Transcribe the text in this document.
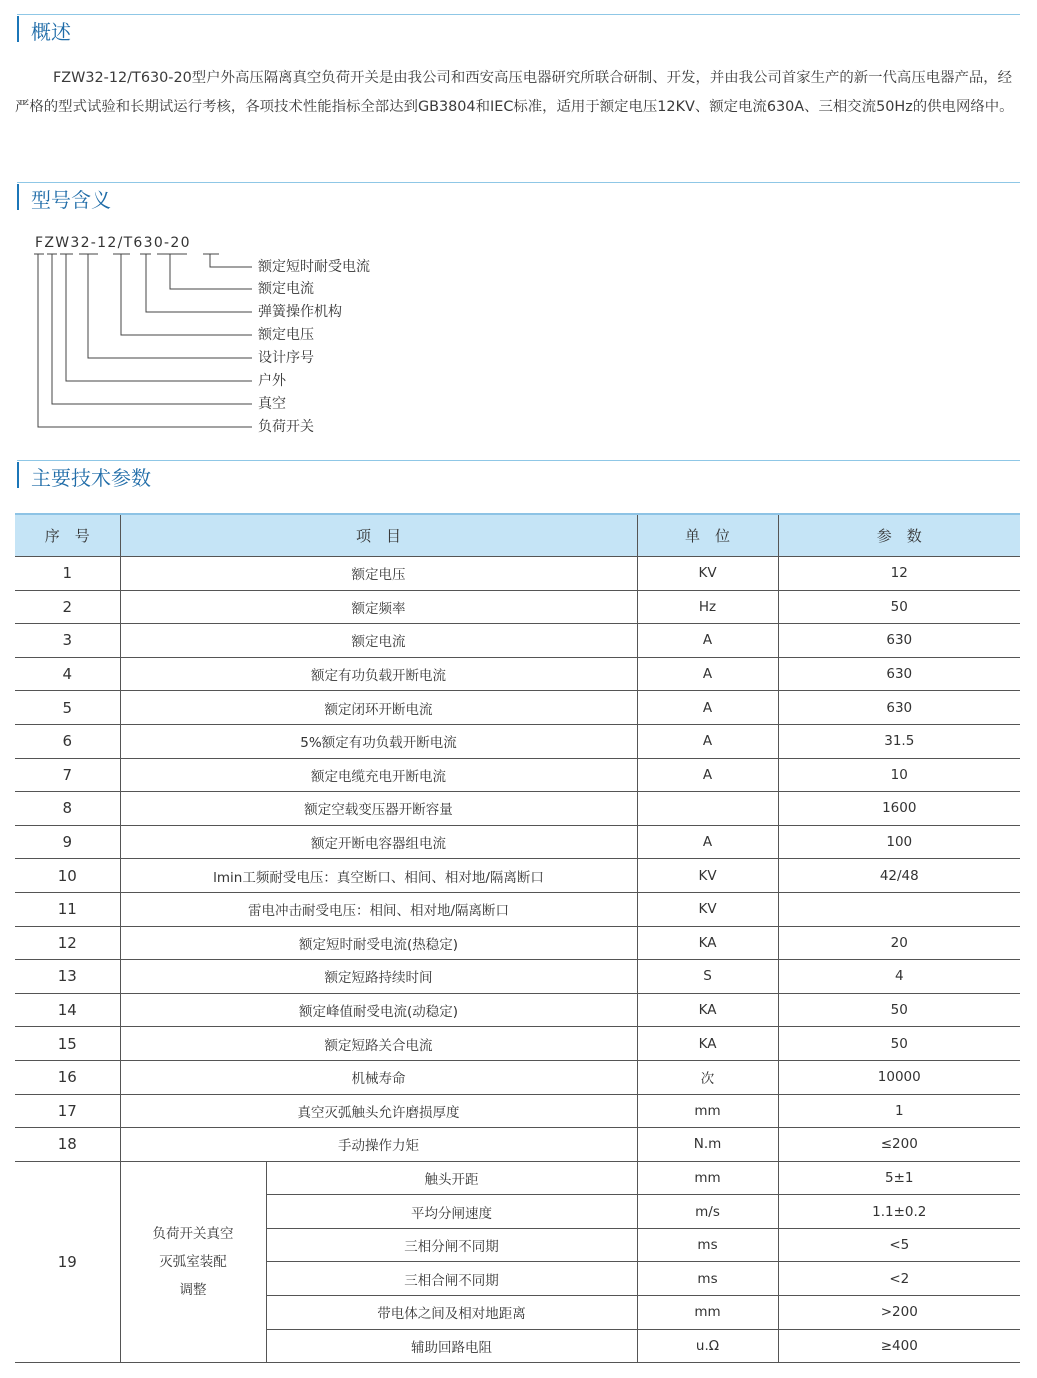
概述

FZW32-12/T630-20型户外高压隔离真空负荷开关是由我公司和西安高压电器研究所联合研制、开发，并由我公司首家生产的新一代高压电器产品，经严格的型式试验和长期试运行考核，各项技术性能指标全部达到GB3804和IEC标准，适用于额定电压12KV、额定电流630A、三相交流50Hz的供电网络中。

型号含义
FZW32-12/T630-20
额定短时耐受电流
额定电流
弹簧操作机构
额定电压
设计序号
户外
真空
负荷开关
主要技术参数
序　号	项　目		单　位	参　数
1	额定电压		KV	12
2	额定频率		Hz	50
3	额定电流		A	630
4	额定有功负载开断电流		A	630
5	额定闭环开断电流		A	630
6	5%额定有功负载开断电流		A	31.5
7	额定电缆充电开断电流		A	10
8	额定空载变压器开断容量			1600
9	额定开断电容器组电流		A	100
10	lmin工频耐受电压：真空断口、相间、相对地/隔离断口		KV	42/48
11	雷电冲击耐受电压：相间、相对地/隔离断口		KV	
12	额定短时耐受电流(热稳定)		KA	20
13	额定短路持续时间		S	4
14	额定峰值耐受电流(动稳定)		KA	50
15	额定短路关合电流		KA	50
16	机械寿命		次	10000
17	真空灭弧触头允许磨损厚度		mm	1
18	手动操作力矩		N.m	≤200
19	负荷开关真空
灭弧室装配
调整	触头开距	mm	5±1
		平均分闸速度	m/s	1.1±0.2
		三相分闸不同期	ms	<5
		三相合闸不同期	ms	<2
		带电体之间及相对地距离	mm	>200
		辅助回路电阻	u.Ω	≥400
